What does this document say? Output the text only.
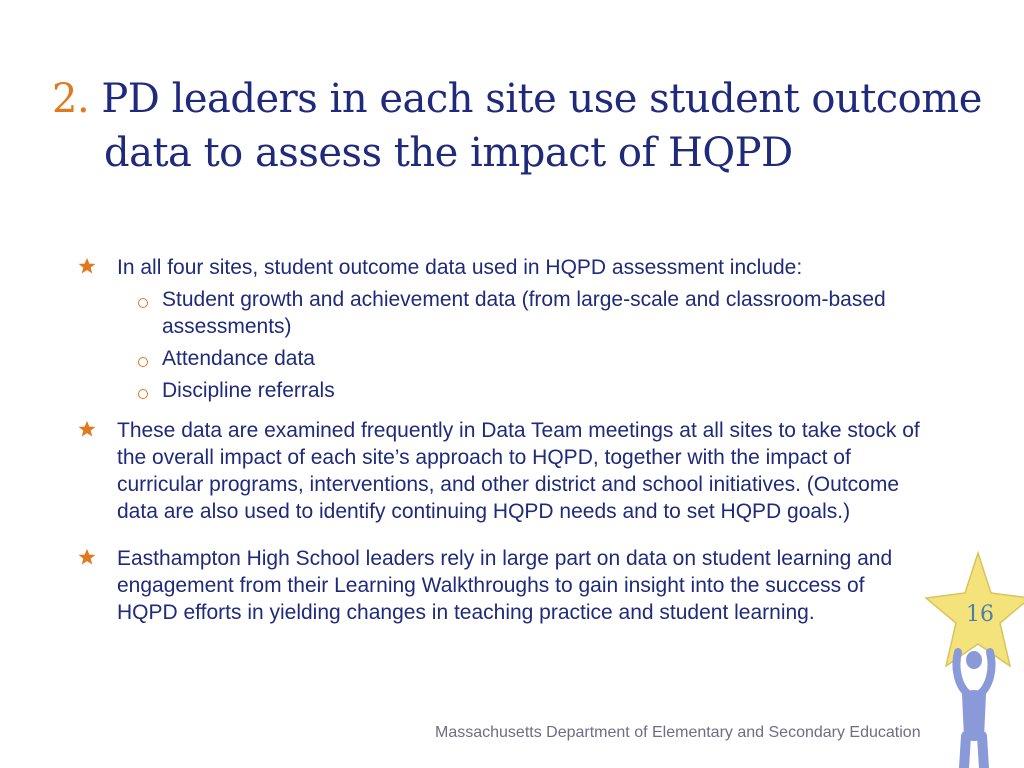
2. PD leaders in each site use student outcome
data to assess the impact of HQPD
In all four sites, student outcome data used in HQPD assessment include:
Student growth and achievement data (from large-scale and classroom-based assessments)
Attendance data
Discipline referrals
These data are examined frequently in Data Team meetings at all sites to take stock of the overall impact of each site’s approach to HQPD, together with the impact of curricular programs, interventions, and other district and school initiatives. (Outcome data are also used to identify continuing HQPD needs and to set HQPD goals.)
Easthampton High School leaders rely in large part on data on student learning and engagement from their Learning Walkthroughs to gain insight into the success of HQPD efforts in yielding changes in teaching practice and student learning.
Massachusetts Department of Elementary and Secondary Education
16
